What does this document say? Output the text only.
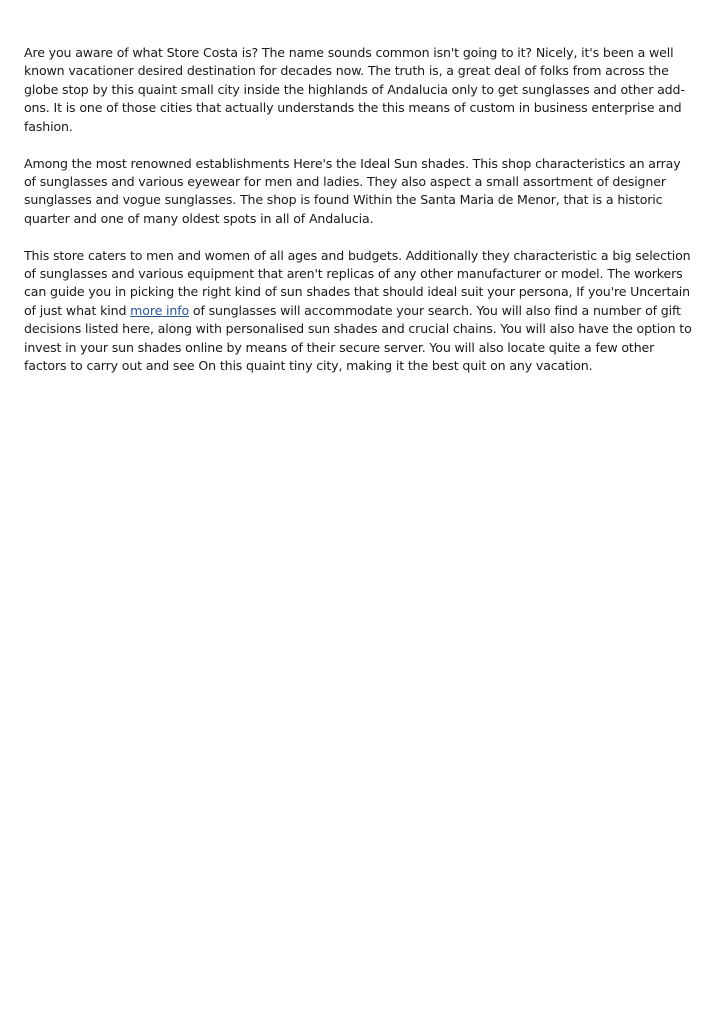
Are you aware of what Store Costa is? The name sounds common isn't going to it? Nicely, it's been a well known vacationer desired destination for decades now. The truth is, a great deal of folks from across the globe stop by this quaint small city inside the highlands of Andalucia only to get sunglasses and other add-ons. It is one of those cities that actually understands the this means of custom in business enterprise and fashion.

Among the most renowned establishments Here's the Ideal Sun shades. This shop characteristics an array of sunglasses and various eyewear for men and ladies. They also aspect a small assortment of designer sunglasses and vogue sunglasses. The shop is found Within the Santa Maria de Menor, that is a historic quarter and one of many oldest spots in all of Andalucia.

This store caters to men and women of all ages and budgets. Additionally they characteristic a big selection of sunglasses and various equipment that aren't replicas of any other manufacturer or model. The workers can guide you in picking the right kind of sun shades that should ideal suit your persona, If you're Uncertain of just what kind more info of sunglasses will accommodate your search. You will also find a number of gift decisions listed here, along with personalised sun shades and crucial chains. You will also have the option to invest in your sun shades online by means of their secure server. You will also locate quite a few other factors to carry out and see On this quaint tiny city, making it the best quit on any vacation.
